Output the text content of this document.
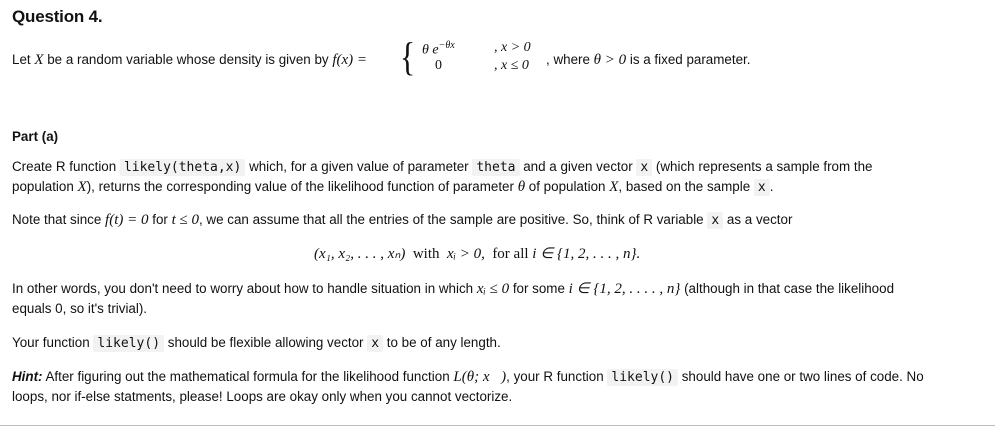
Question 4.
Let X be a random variable whose density is given by f(x) = { θ $e^{-\theta x}$	, x > 0
0	, x ≤ 0 , where θ > 0 is a fixed parameter.
Part (a)
Create R function likely(theta,x) which, for a given value of parameter theta and a given vector x (which represents a sample from the
population X), returns the corresponding value of the likelihood function of parameter θ of population X, based on the sample x .
Note that since f(t) = 0 for t ≤ 0, we can assume that all the entries of the sample are positive. So, think of R variable x as a vector
(x₁, x₂, . . . , xₙ) with xᵢ > 0, for all i ∈ {1, 2, . . . , n}.
In other words, you don't need to worry about how to handle situation in which xᵢ ≤ 0 for some i ∈ {1, 2, . . . . , n} (although in that case the likelihood
equals 0, so it's trivial).
Your function likely() should be flexible allowing vector x to be of any length.
Hint: After figuring out the mathematical formula for the likelihood function L(θ; x⃗), your R function likely() should have one or two lines of code. No
loops, nor if-else statments, please! Loops are okay only when you cannot vectorize.
